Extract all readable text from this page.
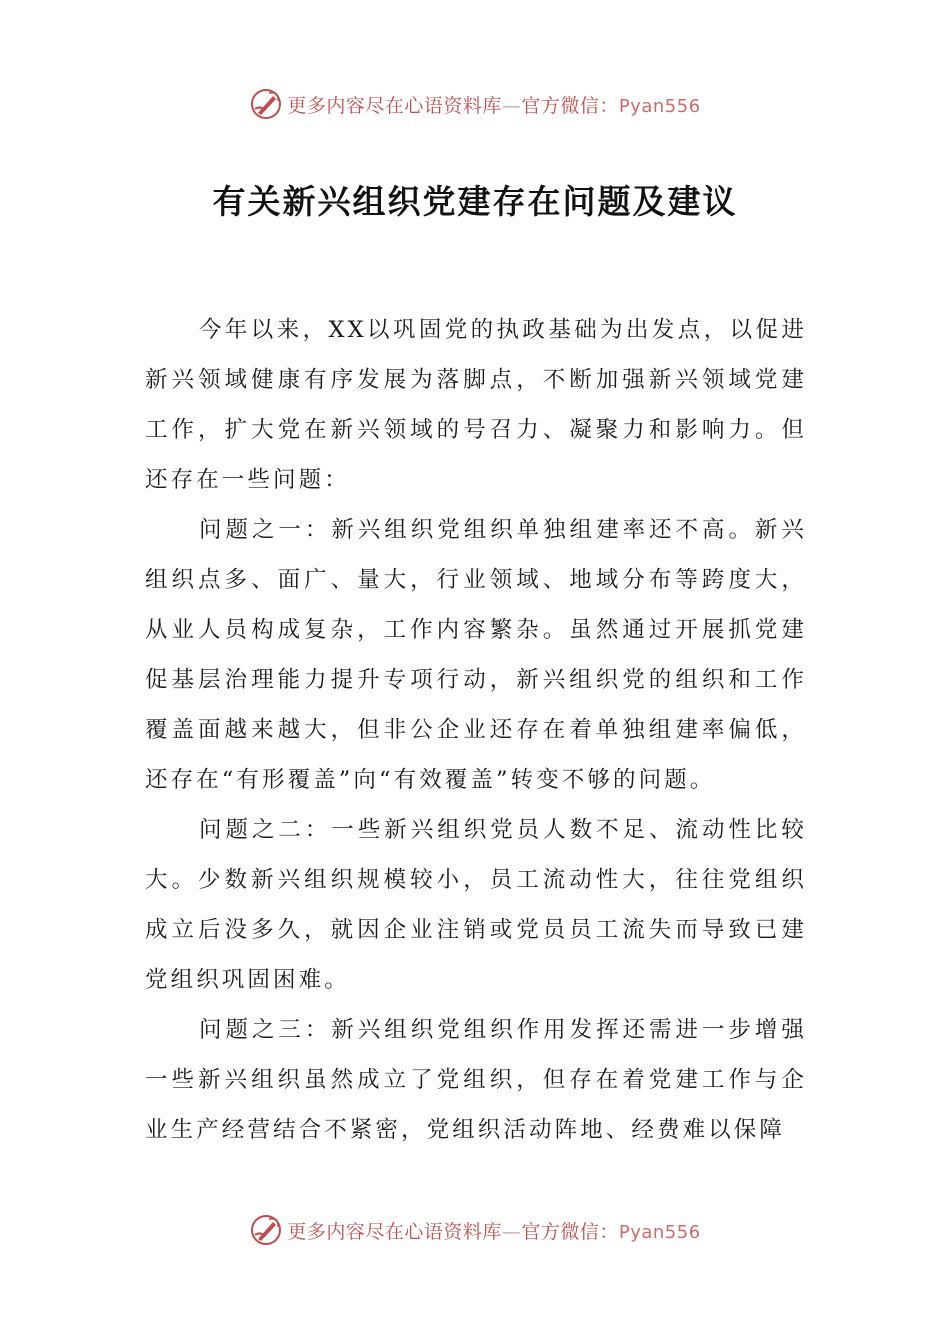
更多内容尽在心语资料库—官方微信：Pyan556
有关新兴组织党建存在问题及建议

今年以来，XX以巩固党的执政基础为出发点，以促进新兴领域健康有序发展为落脚点，不断加强新兴领域党建工作，扩大党在新兴领域的号召力、凝聚力和影响力。但还存在一些问题：

问题之一：新兴组织党组织单独组建率还不高。新兴组织点多、面广、量大，行业领域、地域分布等跨度大，从业人员构成复杂，工作内容繁杂。虽然通过开展抓党建促基层治理能力提升专项行动，新兴组织党的组织和工作覆盖面越来越大，但非公企业还存在着单独组建率偏低，还存在“有形覆盖”向“有效覆盖”转变不够的问题。

问题之二：一些新兴组织党员人数不足、流动性比较大。少数新兴组织规模较小，员工流动性大，往往党组织成立后没多久，就因企业注销或党员员工流失而导致已建党组织巩固困难。

问题之三：新兴组织党组织作用发挥还需进一步增强一些新兴组织虽然成立了党组织，但存在着党建工作与企业生产经营结合不紧密，党组织活动阵地、经费难以保障

更多内容尽在心语资料库—官方微信：Pyan556
